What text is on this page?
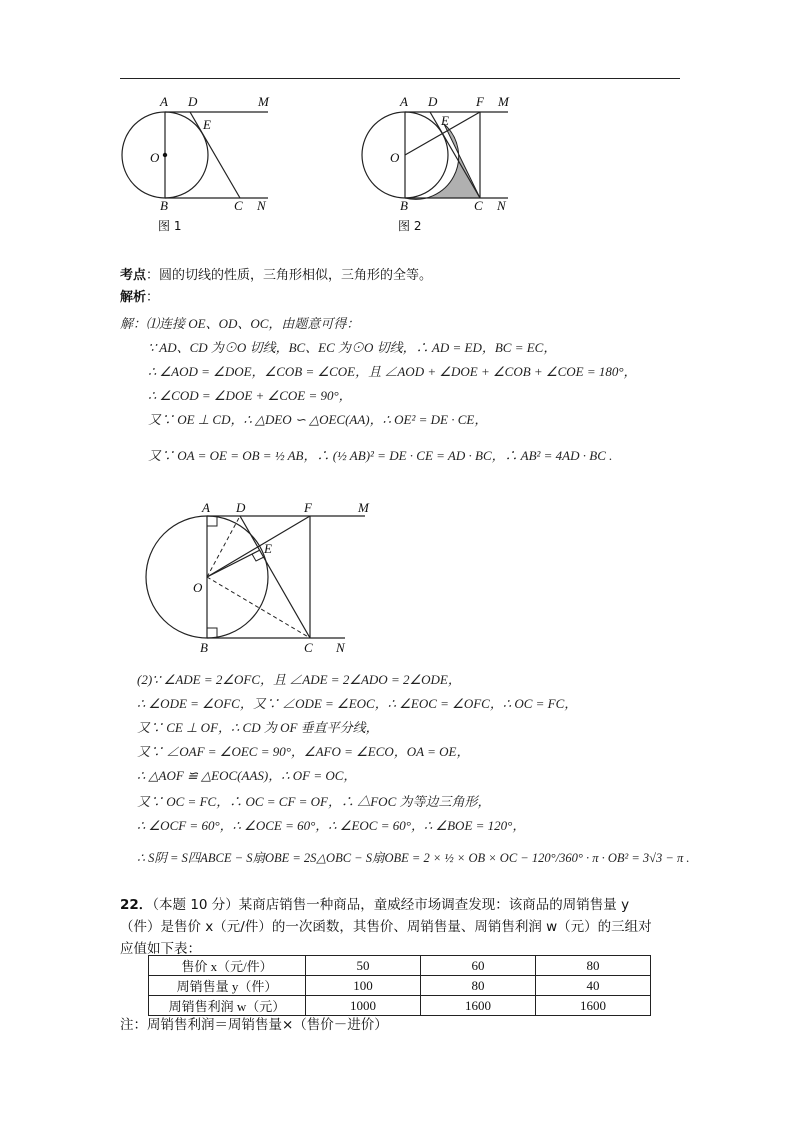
A D	M
E
O
B	C N
图 1
A D	F M
E
O
B	C N
图 2
考点：圆的切线的性质，三角形相似，三角形的全等。
解析：
解：⑴连接 OE、OD、OC，由题意可得：
∵ AD、CD 为⊙O 切线，BC、EC 为⊙O 切线，∴ AD = ED，BC = EC，
∴ ∠AOD = ∠DOE，∠COB = ∠COE，且 ∠AOD + ∠DOE + ∠COB + ∠COE = 180°，
∴ ∠COD = ∠DOE + ∠COE = 90°，
又∵ OE ⊥ CD，∴ △DEO ∽ △OEC(AA)，∴ OE² = DE · CE，
又∵ OA = OE = OB = ½ AB，∴ (½ AB)² = DE · CE = AD · BC，∴ AB² = 4AD · BC .
A D	F	M
E
O
B	C N
(2)∵ ∠ADE = 2∠OFC，且 ∠ADE = 2∠ADO = 2∠ODE，
∴ ∠ODE = ∠OFC，又∵ ∠ODE = ∠EOC，∴ ∠EOC = ∠OFC，∴ OC = FC，
又∵ CE ⊥ OF，∴ CD 为 OF 垂直平分线，
又∵ ∠OAF = ∠OEC = 90°，∠AFO = ∠ECO，OA = OE，
∴ △AOF ≌ △EOC(AAS)，∴ OF = OC，
又∵ OC = FC，∴ OC = CF = OF，∴ △FOC 为等边三角形，
∴ ∠OCF = 60°，∴ ∠OCE = 60°，∴ ∠EOC = 60°，∴ ∠BOE = 120°，
∴ S阴 = S四ABCE − S扇OBE = 2S△OBC − S扇OBE = 2 × ½ × OB × OC − 120°/360° · π · OB² = 3√3 − π .
22．（本题 10 分）某商店销售一种商品，童威经市场调查发现：该商品的周销售量 y
（件）是售价 x（元/件）的一次函数，其售价、周销售量、周销售利润 w（元）的三组对
应值如下表：
售价 x（元/件）	50	60	80
周销售量 y（件）	100	80	40
周销售利润 w（元）	1000	1600	1600
注：周销售利润＝周销售量×（售价－进价）
